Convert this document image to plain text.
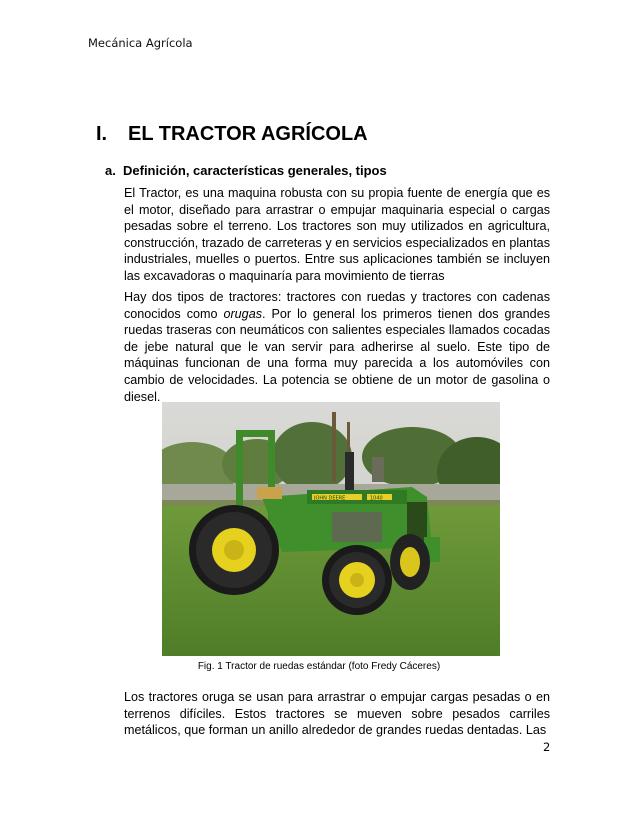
Mecánica Agrícola
I. EL TRACTOR AGRÍCOLA
a. Definición, características generales, tipos

El Tractor, es una maquina robusta con su propia fuente de energía que es el motor, diseñado para arrastrar o empujar maquinaria especial o cargas pesadas sobre el terreno. Los tractores son muy utilizados en agricultura, construcción, trazado de carreteras y en servicios especializados en plantas industriales, muelles o puertos. Entre sus aplicaciones también se incluyen las excavadoras o maquinaría para movimiento de tierras

Hay dos tipos de tractores: tractores con ruedas y tractores con cadenas conocidos como orugas. Por lo general los primeros tienen dos grandes ruedas traseras con neumáticos con salientes especiales llamados cocadas de jebe natural que le van servir para adherirse al suelo. Este tipo de máquinas funcionan de una forma muy parecida a los automóviles con cambio de velocidades. La potencia se obtiene de un motor de gasolina o diesel.

JOHN DEERE	1040
Fig. 1 Tractor de ruedas estándar (foto Fredy Cáceres)

Los tractores oruga se usan para arrastrar o empujar cargas pesadas o en terrenos difíciles. Estos tractores se mueven sobre pesados carriles metálicos, que forman un anillo alrededor de grandes ruedas dentadas. Las

2
